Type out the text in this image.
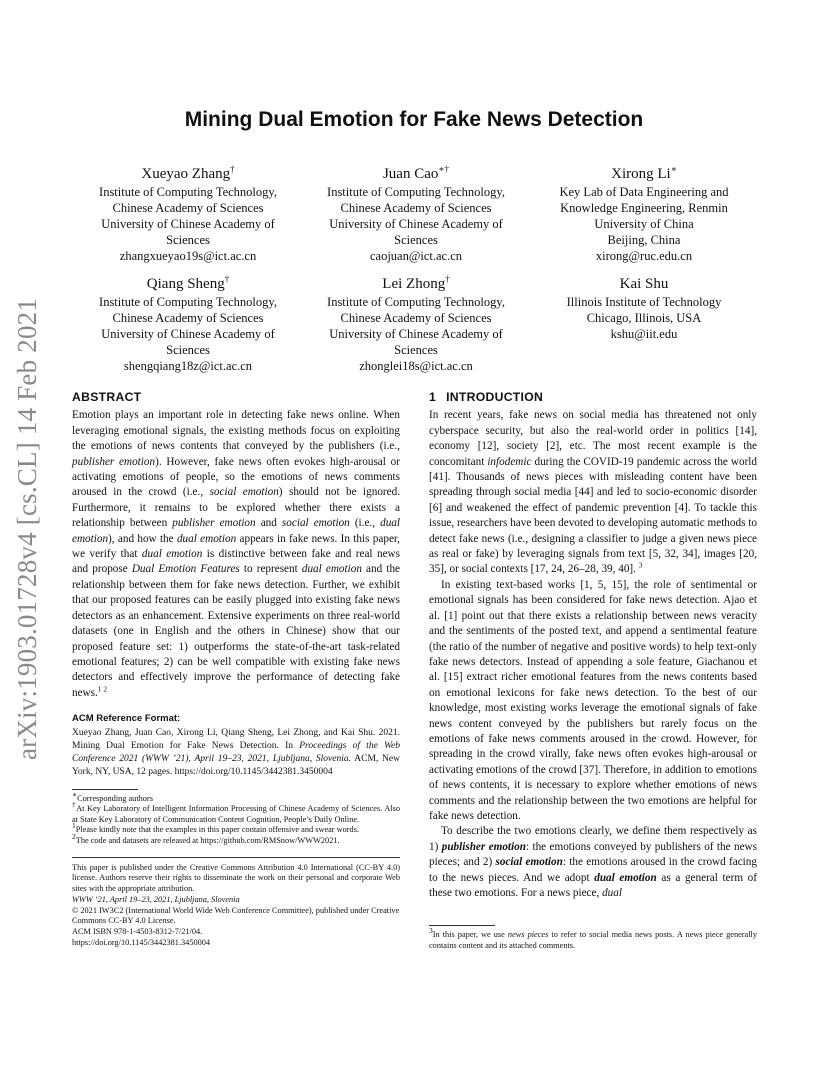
arXiv:1903.01728v4 [cs.CL] 14 Feb 2021
Mining Dual Emotion for Fake News Detection
Xueyao Zhang†
Institute of Computing Technology,
Chinese Academy of Sciences
University of Chinese Academy of
Sciences
zhangxueyao19s@ict.ac.cn
Juan Cao∗†
Institute of Computing Technology,
Chinese Academy of Sciences
University of Chinese Academy of
Sciences
caojuan@ict.ac.cn
Xirong Li∗
Key Lab of Data Engineering and
Knowledge Engineering, Renmin
University of China
Beijing, China
xirong@ruc.edu.cn
Qiang Sheng†
Institute of Computing Technology,
Chinese Academy of Sciences
University of Chinese Academy of
Sciences
shengqiang18z@ict.ac.cn
Lei Zhong†
Institute of Computing Technology,
Chinese Academy of Sciences
University of Chinese Academy of
Sciences
zhonglei18s@ict.ac.cn
Kai Shu
Illinois Institute of Technology
Chicago, Illinois, USA
kshu@iit.edu
ABSTRACT

Emotion plays an important role in detecting fake news online. When leveraging emotional signals, the existing methods focus on exploiting the emotions of news contents that conveyed by the publishers (i.e., publisher emotion). However, fake news often evokes high-arousal or activating emotions of people, so the emotions of news comments aroused in the crowd (i.e., social emotion) should not be ignored. Furthermore, it remains to be explored whether there exists a relationship between publisher emotion and social emotion (i.e., dual emotion), and how the dual emotion appears in fake news. In this paper, we verify that dual emotion is distinctive between fake and real news and propose Dual Emotion Features to represent dual emotion and the relationship between them for fake news detection. Further, we exhibit that our proposed features can be easily plugged into existing fake news detectors as an enhancement. Extensive experiments on three real-world datasets (one in English and the others in Chinese) show that our proposed feature set: 1) outperforms the state-of-the-art task-related emotional features; 2) can be well compatible with existing fake news detectors and effectively improve the performance of detecting fake news.$^{1 2}$

ACM Reference Format:
Xueyao Zhang, Juan Cao, Xirong Li, Qiang Sheng, Lei Zhong, and Kai Shu. 2021. Mining Dual Emotion for Fake News Detection. In Proceedings of the Web Conference 2021 (WWW ’21), April 19–23, 2021, Ljubljana, Slovenia. ACM, New York, NY, USA, 12 pages. https://doi.org/10.1145/3442381.3450004
∗Corresponding authors
†At Key Laboratory of Intelligent Information Processing of Chinese Academy of Sciences. Also at State Key Laboratory of Communication Content Cognition, People’s Daily Online.
$^1$Please kindly note that the examples in this paper contain offensive and swear words.
$^2$The code and datasets are released at https://github.com/RMSnow/WWW2021.
This paper is published under the Creative Commons Attribution 4.0 International (CC-BY 4.0) license. Authors reserve their rights to disseminate the work on their personal and corporate Web sites with the appropriate attribution.
WWW ’21, April 19–23, 2021, Ljubljana, Slovenia
© 2021 IW3C2 (International World Wide Web Conference Committee), published under Creative Commons CC-BY 4.0 License.
ACM ISBN 978-1-4503-8312-7/21/04.
https://doi.org/10.1145/3442381.3450004
1 INTRODUCTION

In recent years, fake news on social media has threatened not only cyberspace security, but also the real-world order in politics [14], economy [12], society [2], etc. The most recent example is the concomitant infodemic during the COVID-19 pandemic across the world [41]. Thousands of news pieces with misleading content have been spreading through social media [44] and led to socio-economic disorder [6] and weakened the effect of pandemic prevention [4]. To tackle this issue, researchers have been devoted to developing automatic methods to detect fake news (i.e., designing a classifier to judge a given news piece as real or fake) by leveraging signals from text [5, 32, 34], images [20, 35], or social contexts [17, 24, 26–28, 39, 40]. $^3$

In existing text-based works [1, 5, 15], the role of sentimental or emotional signals has been considered for fake news detection. Ajao et al. [1] point out that there exists a relationship between news veracity and the sentiments of the posted text, and append a sentimental feature (the ratio of the number of negative and positive words) to help text-only fake news detectors. Instead of appending a sole feature, Giachanou et al. [15] extract richer emotional features from the news contents based on emotional lexicons for fake news detection. To the best of our knowledge, most existing works leverage the emotional signals of fake news content conveyed by the publishers but rarely focus on the emotions of fake news comments aroused in the crowd. However, for spreading in the crowd virally, fake news often evokes high-arousal or activating emotions of the crowd [37]. Therefore, in addition to emotions of news contents, it is necessary to explore whether emotions of news comments and the relationship between the two emotions are helpful for fake news detection.

To describe the two emotions clearly, we define them respectively as 1) publisher emotion: the emotions conveyed by publishers of the news pieces; and 2) social emotion: the emotions aroused in the crowd facing to the news pieces. And we adopt dual emotion as a general term of these two emotions. For a news piece, dual

$^3$In this paper, we use news pieces to refer to social media news posts. A news piece generally contains content and its attached comments.
